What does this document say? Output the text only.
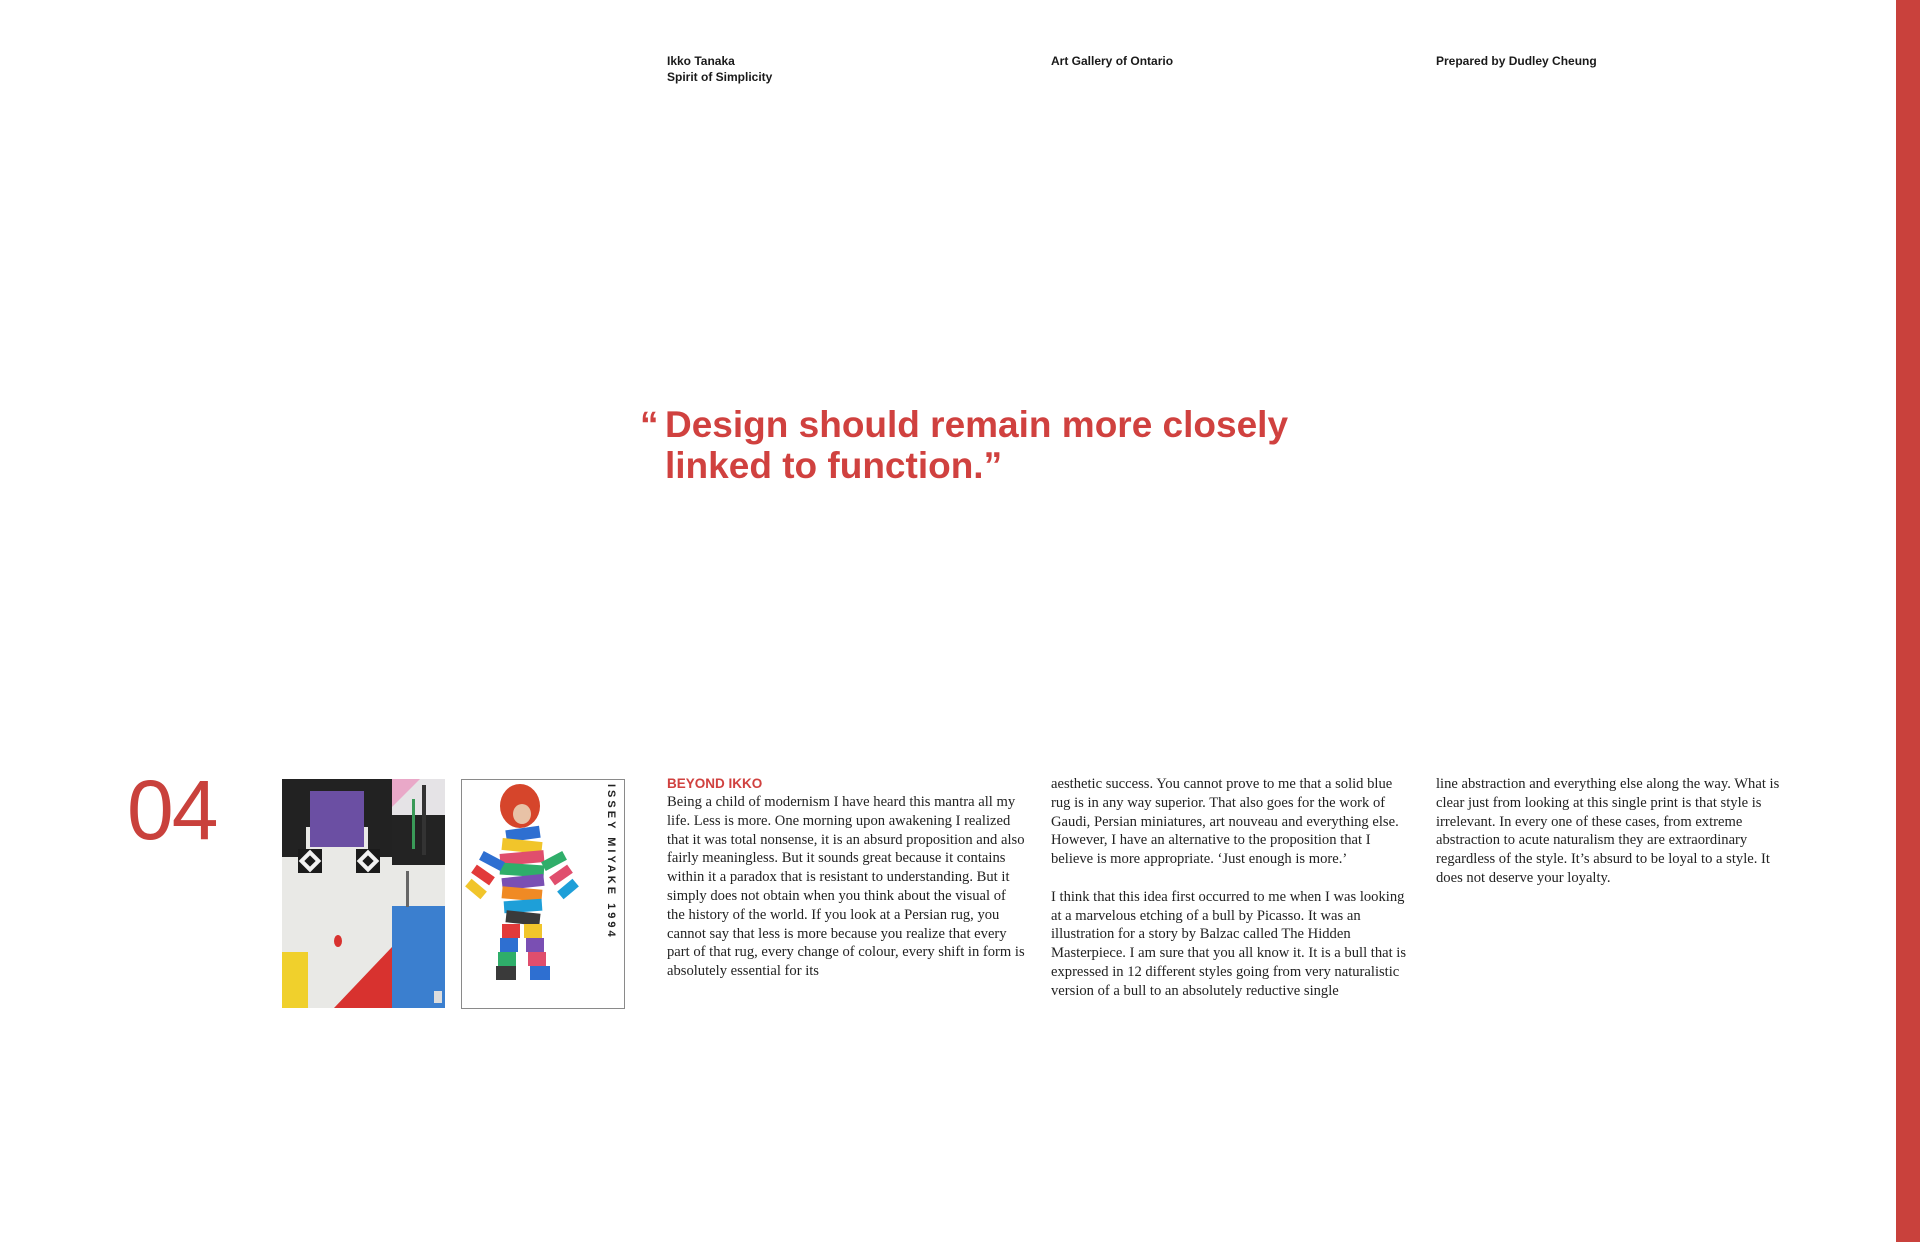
Ikko Tanaka
Spirit of Simplicity
Art Gallery of Ontario	Prepared by Dudley Cheung
“ Design should remain more closely
linked to function.”
04	ISSEY MIYAKE 1994
BEYOND IKKO

Being a child of modernism I have heard this mantra all my life. Less is more. One morning upon awakening I realized that it was total nonsense, it is an absurd proposition and also fairly meaningless. But it sounds great because it contains within it a paradox that is resistant to understanding. But it simply does not obtain when you think about the visual of the history of the world. If you look at a Persian rug, you cannot say that less is more because you realize that every part of that rug, every change of colour, every shift in form is absolutely essential for its

aesthetic success. You cannot prove to me that a solid blue rug is in any way superior. That also goes for the work of Gaudi, Persian miniatures, art nouveau and everything else. However, I have an alternative to the proposition that I believe is more appropriate. ‘Just enough is more.’

I think that this idea first occurred to me when I was looking at a marvelous etching of a bull by Picasso. It was an illustration for a story by Balzac called The Hidden Masterpiece. I am sure that you all know it. It is a bull that is expressed in 12 different styles going from very naturalistic version of a bull to an absolutely reductive single

line abstraction and everything else along the way. What is clear just from looking at this single print is that style is irrelevant. In every one of these cases, from extreme abstraction to acute naturalism they are extraordinary regardless of the style. It’s absurd to be loyal to a style. It does not deserve your loyalty.
